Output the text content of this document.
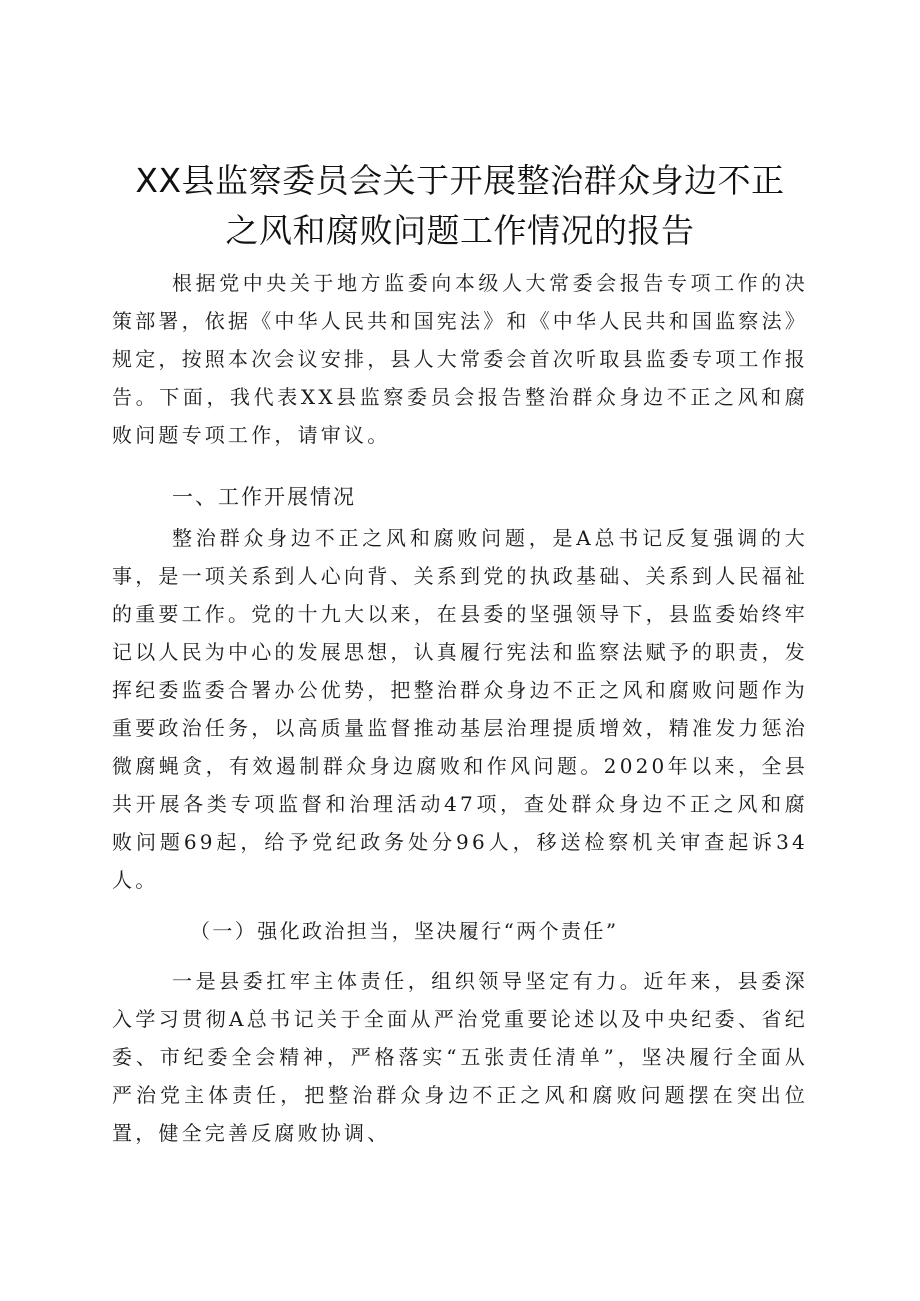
XX县监察委员会关于开展整治群众身边不正
之风和腐败问题工作情况的报告

根据党中央关于地方监委向本级人大常委会报告专项工作的决策部署，依据《中华人民共和国宪法》和《中华人民共和国监察法》规定，按照本次会议安排，县人大常委会首次听取县监委专项工作报告。下面，我代表XX县监察委员会报告整治群众身边不正之风和腐败问题专项工作，请审议。

一、工作开展情况

整治群众身边不正之风和腐败问题，是A总书记反复强调的大事，是一项关系到人心向背、关系到党的执政基础、关系到人民福祉的重要工作。党的十九大以来，在县委的坚强领导下，县监委始终牢记以人民为中心的发展思想，认真履行宪法和监察法赋予的职责，发挥纪委监委合署办公优势，把整治群众身边不正之风和腐败问题作为重要政治任务，以高质量监督推动基层治理提质增效，精准发力惩治微腐蝇贪，有效遏制群众身边腐败和作风问题。2020年以来，全县共开展各类专项监督和治理活动47项，查处群众身边不正之风和腐败问题69起，给予党纪政务处分96人，移送检察机关审查起诉34人。

（一）强化政治担当，坚决履行“两个责任”

一是县委扛牢主体责任，组织领导坚定有力。近年来，县委深入学习贯彻A总书记关于全面从严治党重要论述以及中央纪委、省纪委、市纪委全会精神，严格落实“五张责任清单”，坚决履行全面从严治党主体责任，把整治群众身边不正之风和腐败问题摆在突出位置，健全完善反腐败协调、
